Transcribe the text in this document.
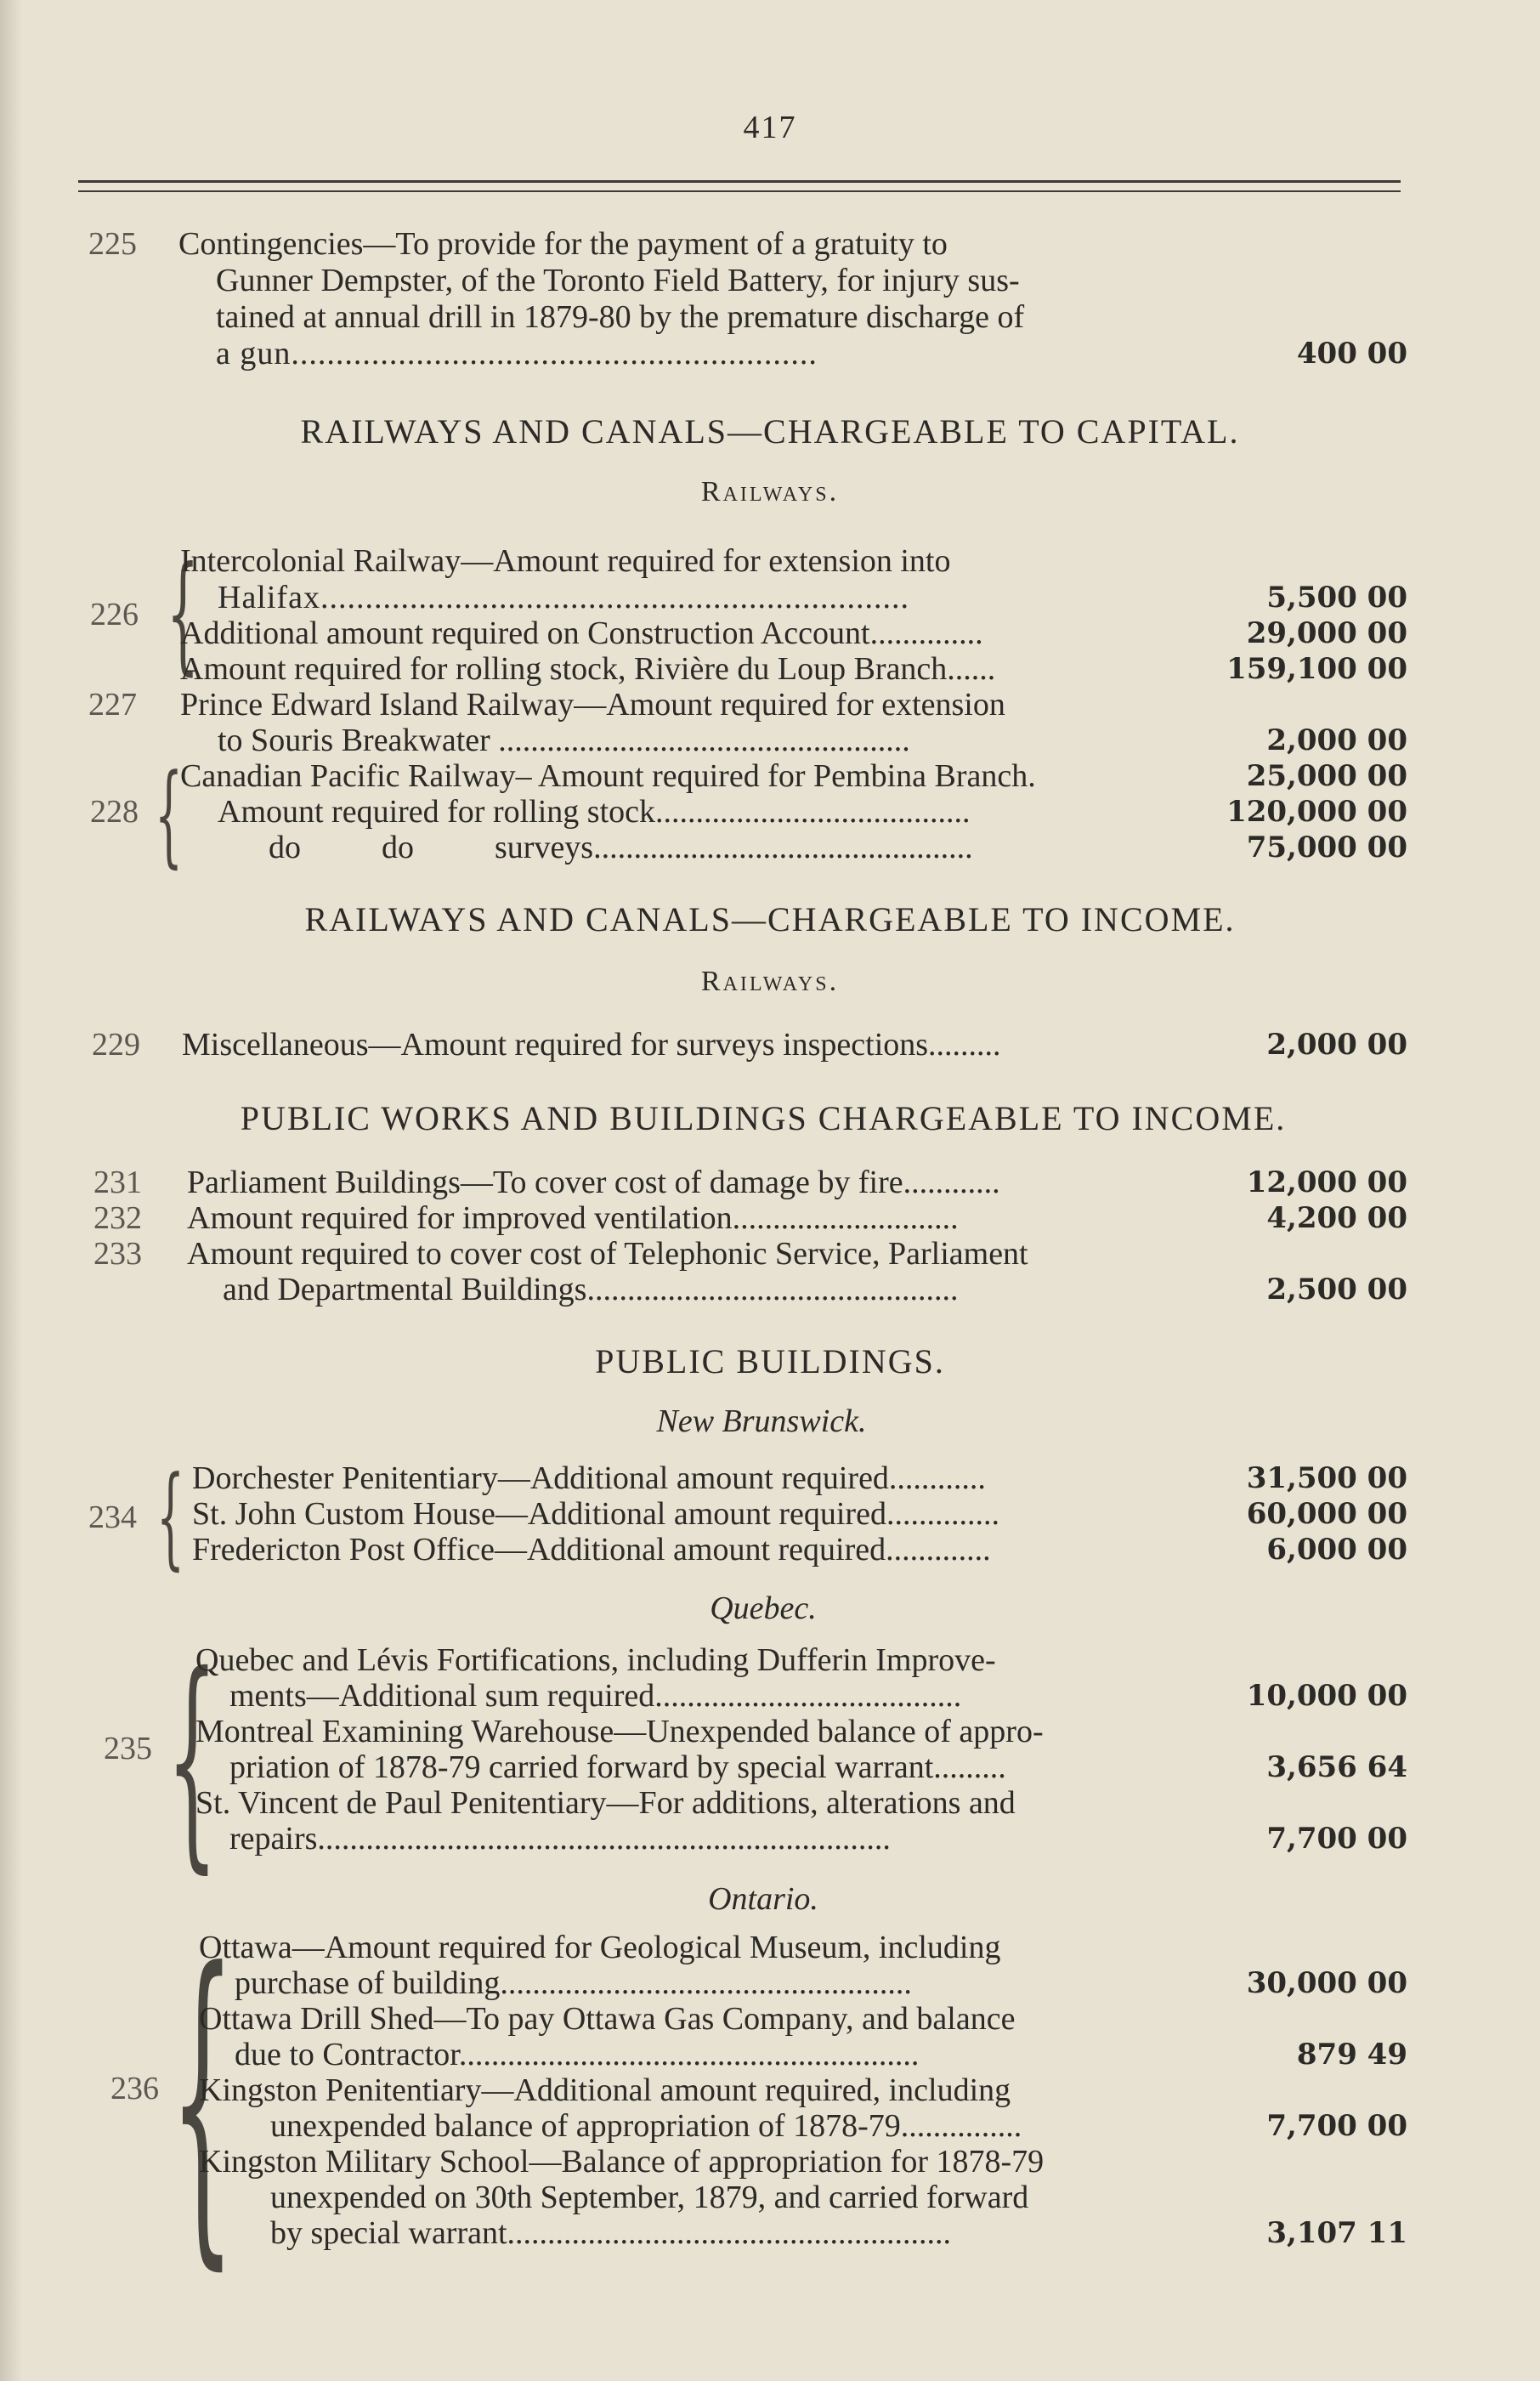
417
225	Contingencies—To provide for the payment of a gratuity to
Gunner Dempster, of the Toronto Field Battery, for injury sus-
tained at annual drill in 1879-80 by the premature discharge of
a gun...........................................................	400 00
RAILWAYS AND CANALS—CHARGEABLE TO CAPITAL.
Railways.
{
226
Intercolonial Railway—Amount required for extension into
Halifax..................................................................	5,500 00
Additional amount required on Construction Account..............	29,000 00
Amount required for rolling stock, Rivière du Loup Branch......	159,100 00
227	Prince Edward Island Railway—Amount required for extension
to Souris Breakwater ...................................................	2,000 00
{
228
Canadian Pacific Railway– Amount required for Pembina Branch.	25,000 00
Amount required for rolling stock.......................................	120,000 00
do          do          surveys...............................................	75,000 00
RAILWAYS AND CANALS—CHARGEABLE TO INCOME.
Railways.
229	Miscellaneous—Amount required for surveys inspections.........	2,000 00
PUBLIC WORKS AND BUILDINGS CHARGEABLE TO INCOME.
231	Parliament Buildings—To cover cost of damage by fire............	12,000 00
232	Amount required for improved ventilation............................	4,200 00
233	Amount required to cover cost of Telephonic Service, Parliament
and Departmental Buildings..............................................	2,500 00
PUBLIC BUILDINGS.
New Brunswick.
{
234
Dorchester Penitentiary—Additional amount required............	31,500 00
St. John Custom House—Additional amount required..............	60,000 00
Fredericton Post Office—Additional amount required.............	6,000 00
Quebec.
{
235
Quebec and Lévis Fortifications, including Dufferin Improve-
ments—Additional sum required......................................	10,000 00
Montreal Examining Warehouse—Unexpended balance of appro-
priation of 1878-79 carried forward by special warrant.........	3,656 64
St. Vincent de Paul Penitentiary—For additions, alterations and
repairs.......................................................................	7,700 00
Ontario.
{
236
Ottawa—Amount required for Geological Museum, including
purchase of building...................................................	30,000 00
Ottawa Drill Shed—To pay Ottawa Gas Company, and balance
due to Contractor.........................................................	879 49
Kingston Penitentiary—Additional amount required, including
unexpended balance of appropriation of 1878-79...............	7,700 00
Kingston Military School—Balance of appropriation for 1878-79
unexpended on 30th September, 1879, and carried forward
by special warrant.......................................................	3,107 11
